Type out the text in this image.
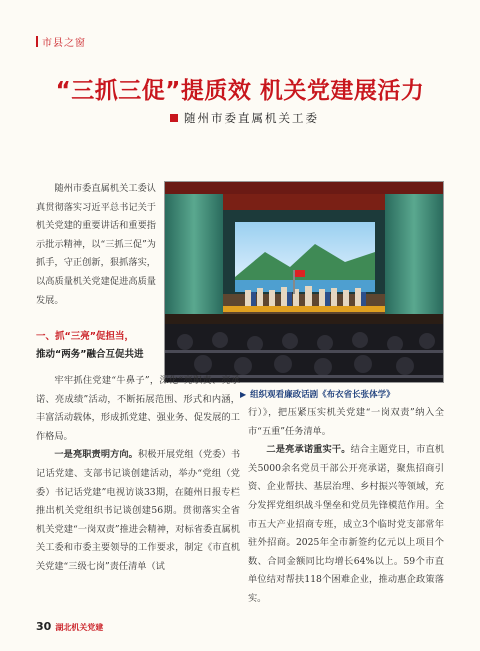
市县之窗
“三抓三促”提质效 机关党建展活力
随州市委直属机关工委

随州市委直属机关工委认真贯彻落实习近平总书记关于机关党建的重要讲话和重要指示批示精神，以“三抓三促”为抓手，守正创新，狠抓落实，以高质量机关党建促进高质量发展。

一、抓“三亮”促担当，
推动“两务”融合互促共进
▶ 组织观看廉政话剧《布衣省长张体学》

牢牢抓住党建“牛鼻子”，深化“亮职责、亮承诺、亮成绩”活动，不断拓展范围、形式和内涵，丰富活动载体，形成抓党建、强业务、促发展的工作格局。

一是亮职责明方向。积极开展党组（党委）书记话党建、支部书记谈创建活动，举办“党组（党委）书记话党建”电视访谈33期，在随州日报专栏推出机关党组织书记谈创建56期。贯彻落实全省机关党建“一岗双责”推进会精神，对标省委直属机关工委和市委主要领导的工作要求，制定《市直机关党建“三级七岗”责任清单（试

行）》，把压紧压实机关党建“一岗双责”纳入全市“五重”任务清单。

二是亮承诺重实干。结合主题党日，市直机关5000余名党员干部公开亮承诺，聚焦招商引资、企业帮扶、基层治理、乡村振兴等领域，充分发挥党组织战斗堡垒和党员先锋模范作用。全市五大产业招商专班，成立3个临时党支部常年驻外招商。2025年全市新签约亿元以上项目个数、合同金额同比均增长64%以上。59个市直单位结对帮扶118个困难企业，推动惠企政策落实。

30 湖北机关党建
